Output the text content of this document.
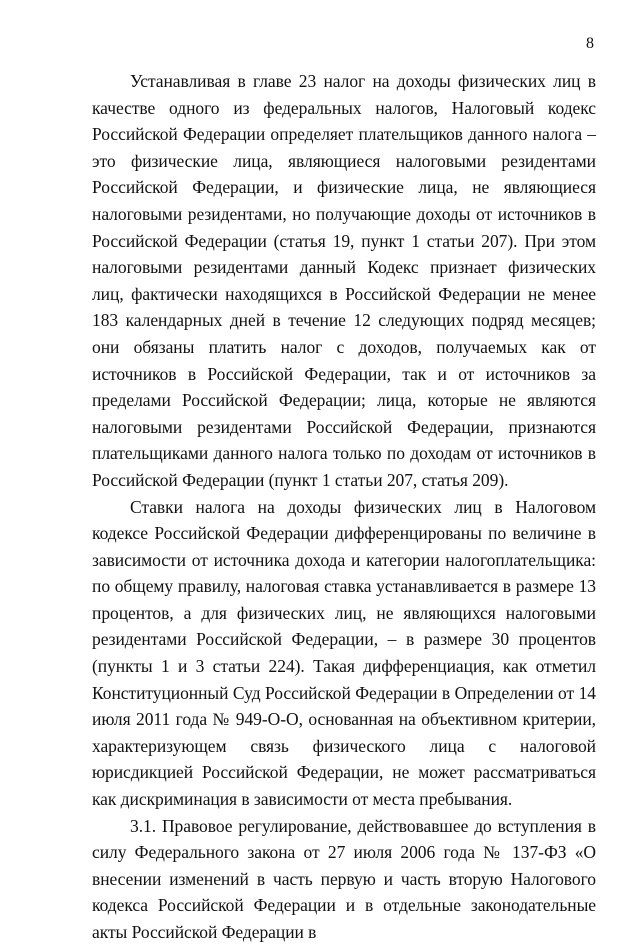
8

Устанавливая в главе 23 налог на доходы физических лиц в качестве одного из федеральных налогов, Налоговый кодекс Российской Федерации определяет плательщиков данного налога – это физические лица, являющиеся налоговыми резидентами Российской Федерации, и физические лица, не являющиеся налоговыми резидентами, но получающие доходы от источников в Российской Федерации (статья 19, пункт 1 статьи 207). При этом налоговыми резидентами данный Кодекс признает физических лиц, фактически находящихся в Российской Федерации не менее 183 календарных дней в течение 12 следующих подряд месяцев; они обязаны платить налог с доходов, получаемых как от источников в Российской Федерации, так и от источников за пределами Российской Федерации; лица, которые не являются налоговыми резидентами Российской Федерации, признаются плательщиками данного налога только по доходам от источников в Российской Федерации (пункт 1 статьи 207, статья 209).

Ставки налога на доходы физических лиц в Налоговом кодексе Российской Федерации дифференцированы по величине в зависимости от источника дохода и категории налогоплательщика: по общему правилу, налоговая ставка устанавливается в размере 13 процентов, а для физических лиц, не являющихся налоговыми резидентами Российской Федерации, – в размере 30 процентов (пункты 1 и 3 статьи 224). Такая дифференциация, как отметил Конституционный Суд Российской Федерации в Определении от 14 июля 2011 года № 949-О-О, основанная на объективном критерии, характеризующем связь физического лица с налоговой юрисдикцией Российской Федерации, не может рассматриваться как дискриминация в зависимости от места пребывания.

3.1. Правовое регулирование, действовавшее до вступления в силу Федерального закона от 27 июля 2006 года № 137-ФЗ «О внесении изменений в часть первую и часть вторую Налогового кодекса Российской Федерации и в отдельные законодательные акты Российской Федерации в
